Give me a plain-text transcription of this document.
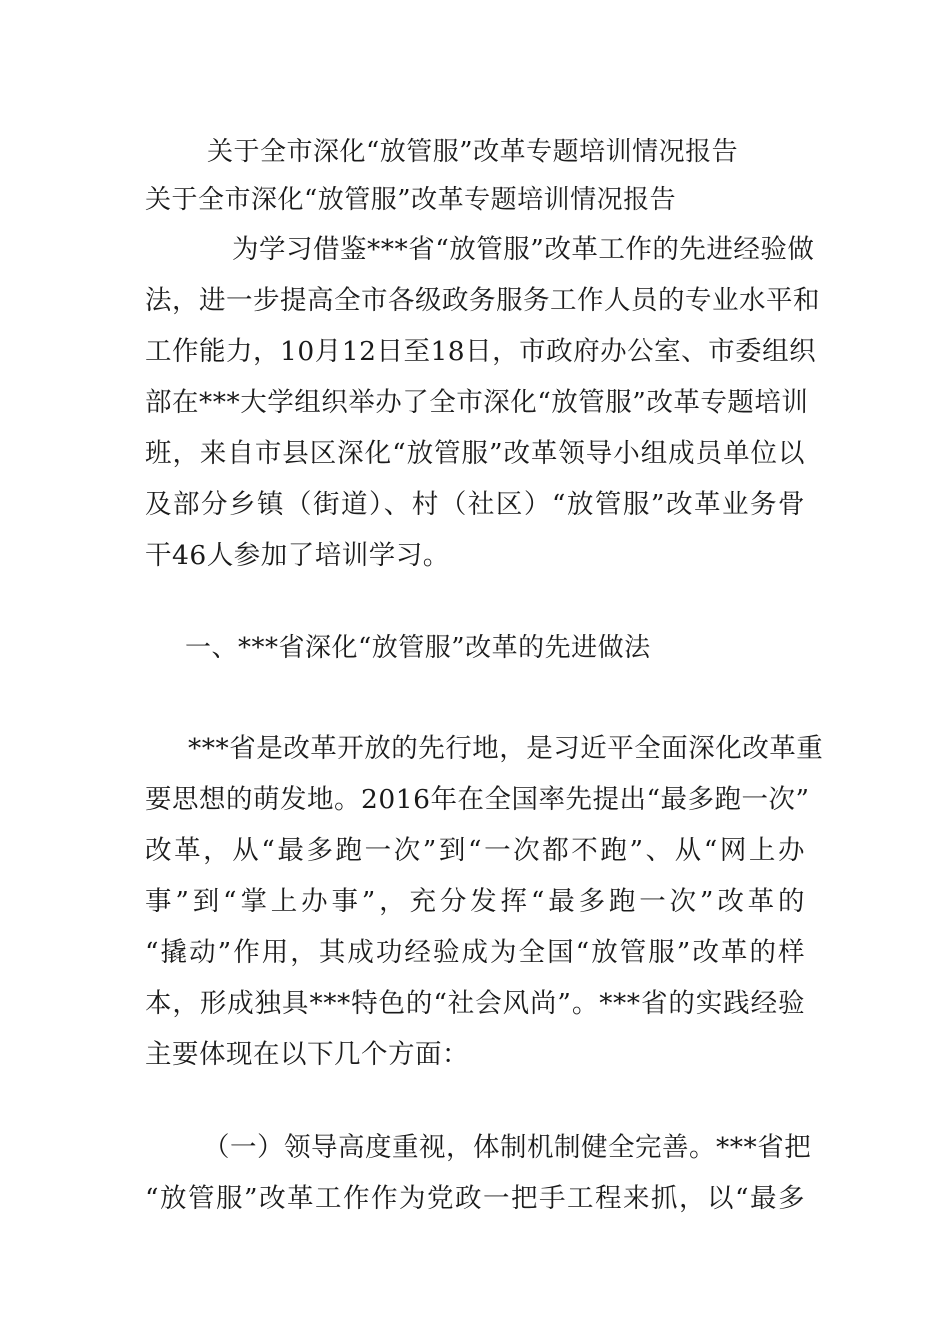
关于全市深化“放管服”改革专题培训情况报告
关于全市深化“放管服”改革专题培训情况报告
为学习借鉴***省“放管服”改革工作的先进经验做
法，进一步提高全市各级政务服务工作人员的专业水平和
工作能力，10月12日至18日，市政府办公室、市委组织
部在***大学组织举办了全市深化“放管服”改革专题培训
班，来自市县区深化“放管服”改革领导小组成员单位以
及部分乡镇（街道）、村（社区）“放管服”改革业务骨
干46人参加了培训学习。
一、***省深化“放管服”改革的先进做法
***省是改革开放的先行地，是习近平全面深化改革重
要思想的萌发地。2016年在全国率先提出“最多跑一次”
改革，从“最多跑一次”到“一次都不跑”、从“网上办
事”到“掌上办事”，充分发挥“最多跑一次”改革的
“撬动”作用，其成功经验成为全国“放管服”改革的样
本，形成独具***特色的“社会风尚”。***省的实践经验
主要体现在以下几个方面：
（一）领导高度重视，体制机制健全完善。***省把
“放管服”改革工作作为党政一把手工程来抓，以“最多
